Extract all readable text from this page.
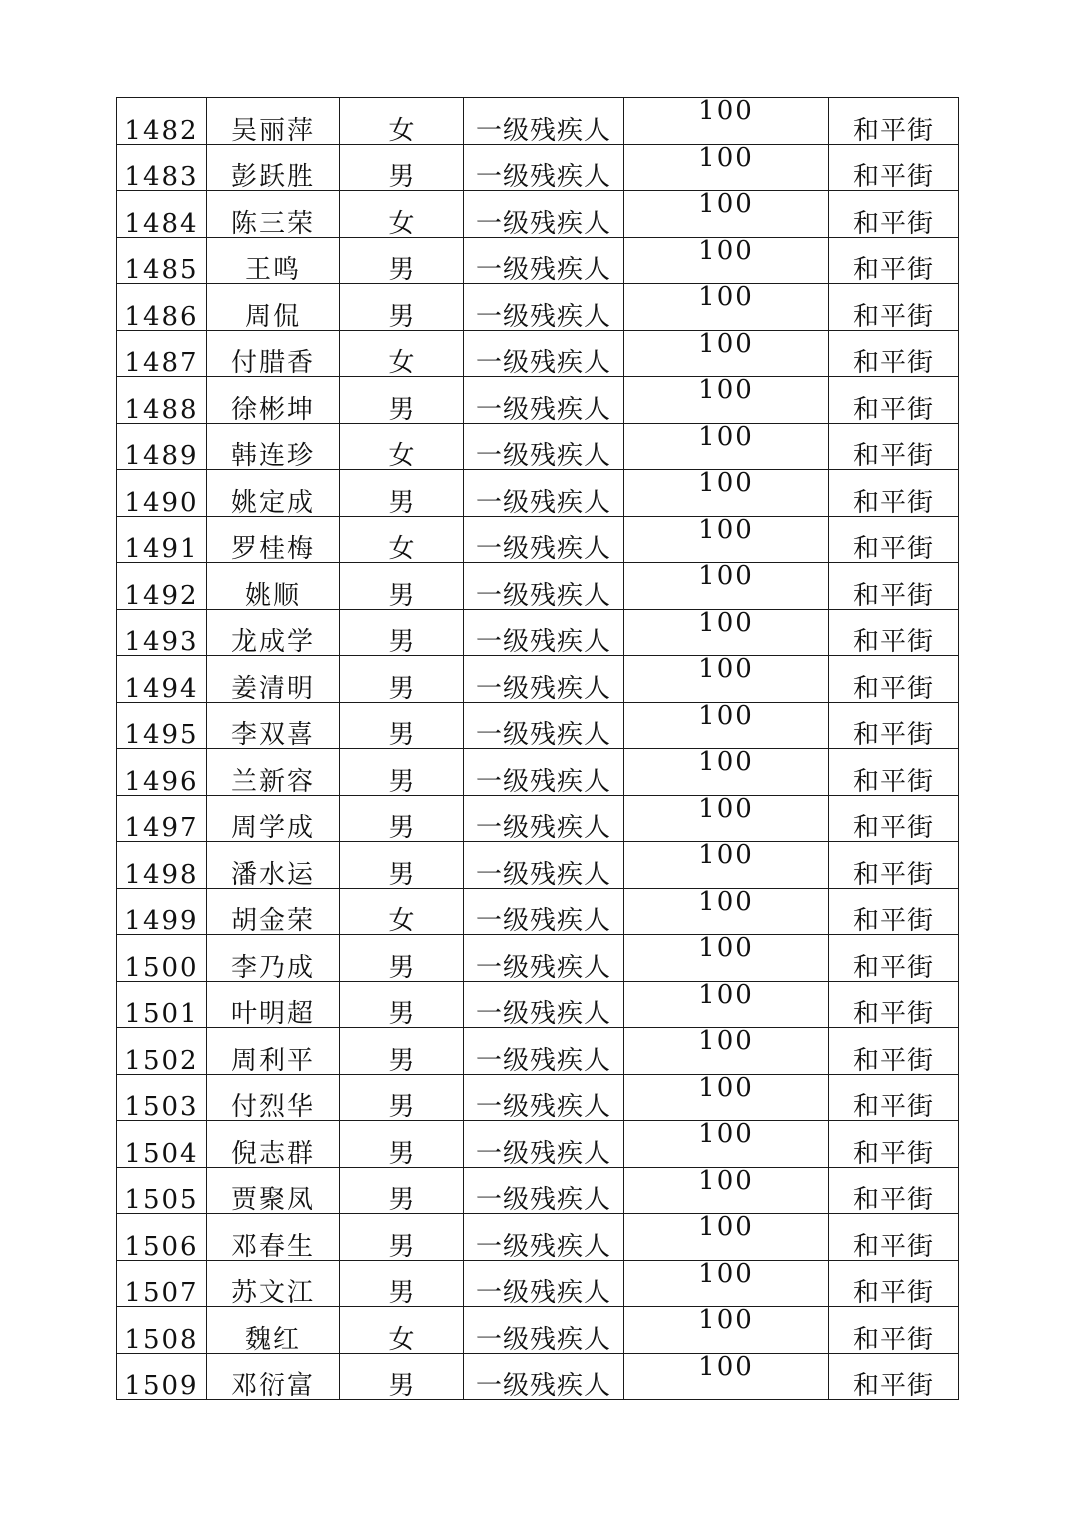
1482	吴丽萍	女	一级残疾人	100	和平街
1483	彭跃胜	男	一级残疾人	100	和平街
1484	陈三荣	女	一级残疾人	100	和平街
1485	王鸣	男	一级残疾人	100	和平街
1486	周侃	男	一级残疾人	100	和平街
1487	付腊香	女	一级残疾人	100	和平街
1488	徐彬坤	男	一级残疾人	100	和平街
1489	韩连珍	女	一级残疾人	100	和平街
1490	姚定成	男	一级残疾人	100	和平街
1491	罗桂梅	女	一级残疾人	100	和平街
1492	姚顺	男	一级残疾人	100	和平街
1493	龙成学	男	一级残疾人	100	和平街
1494	姜清明	男	一级残疾人	100	和平街
1495	李双喜	男	一级残疾人	100	和平街
1496	兰新容	男	一级残疾人	100	和平街
1497	周学成	男	一级残疾人	100	和平街
1498	潘水运	男	一级残疾人	100	和平街
1499	胡金荣	女	一级残疾人	100	和平街
1500	李乃成	男	一级残疾人	100	和平街
1501	叶明超	男	一级残疾人	100	和平街
1502	周利平	男	一级残疾人	100	和平街
1503	付烈华	男	一级残疾人	100	和平街
1504	倪志群	男	一级残疾人	100	和平街
1505	贾聚凤	男	一级残疾人	100	和平街
1506	邓春生	男	一级残疾人	100	和平街
1507	苏文江	男	一级残疾人	100	和平街
1508	魏红	女	一级残疾人	100	和平街
1509	邓衍富	男	一级残疾人	100	和平街
